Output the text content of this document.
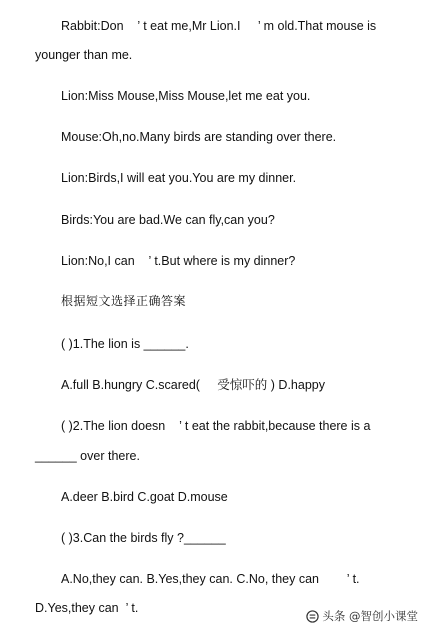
Rabbit:Don    ’ t eat me,Mr Lion.I     ’ m old.That mouse is

younger than me.

Lion:Miss Mouse,Miss Mouse,let me eat you.

Mouse:Oh,no.Many birds are standing over there.

Lion:Birds,I will eat you.You are my dinner.

Birds:You are bad.We can fly,can you?

Lion:No,I can    ’ t.But where is my dinner?

根据短文选择正确答案

( )1.The lion is ______.

A.full B.hungry C.scared(     受惊吓的 ) D.happy

( )2.The lion doesn    ’ t eat the rabbit,because there is a

______ over there.

A.deer B.bird C.goat D.mouse

( )3.Can the birds fly ?______

A.No,they can. B.Yes,they can. C.No, they can        ’ t.

D.Yes,they can  ’ t.

头条 @智创小课堂
